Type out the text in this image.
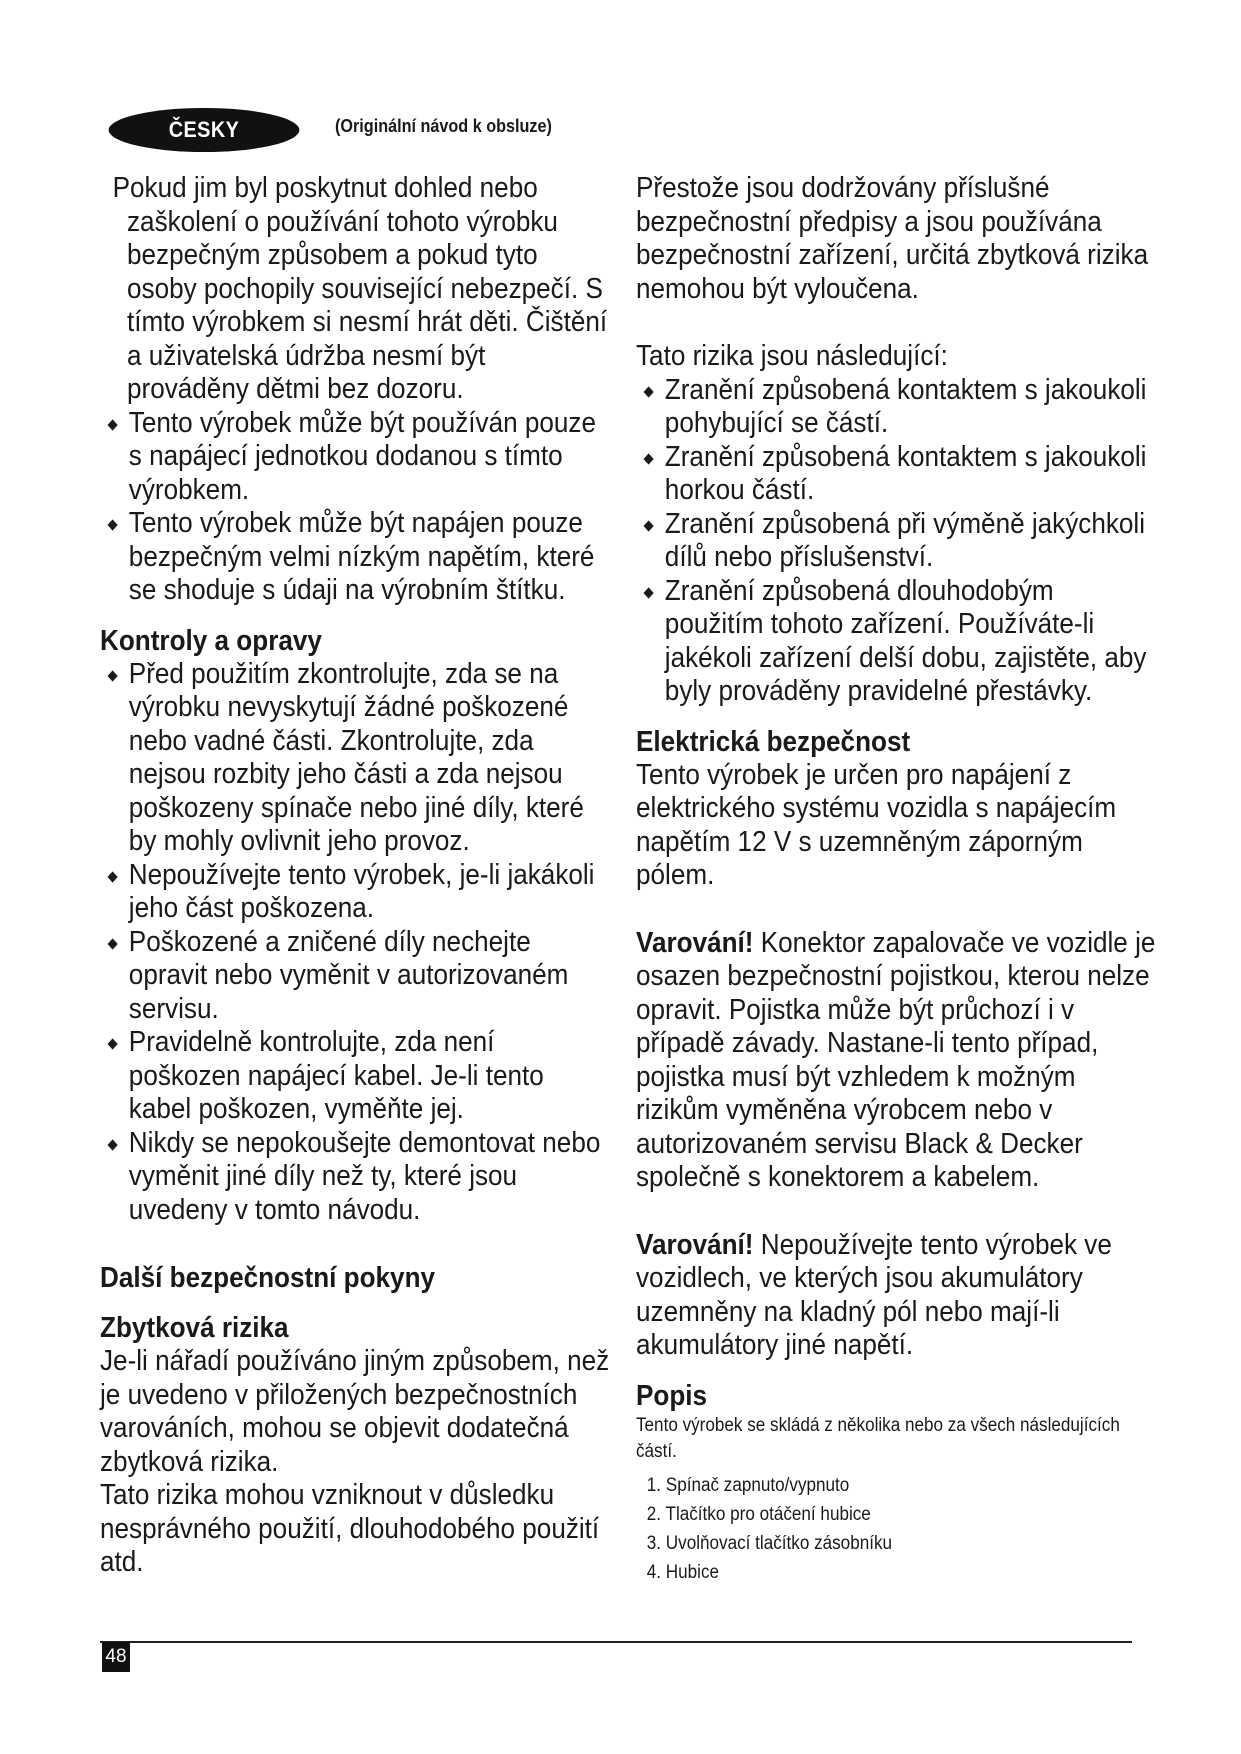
ČESKY	(Originální návod k obsluze)

Pokud jim byl poskytnut dohled nebo zaškolení o používání tohoto výrobku bezpečným způsobem a pokud tyto osoby pochopily související nebezpečí. S tímto výrobkem si nesmí hrát děti. Čištění a uživatelská údržba nesmí být prováděny dětmi bez dozoru.

Tento výrobek může být používán pouze s napájecí jednotkou dodanou s tímto výrobkem.
Tento výrobek může být napájen pouze bezpečným velmi nízkým napětím, které se shoduje s údaji na výrobním štítku.
Kontroly a opravy
Před použitím zkontrolujte, zda se na výrobku nevyskytují žádné poškozené nebo vadné části. Zkontrolujte, zda nejsou rozbity jeho části a zda nejsou poškozeny spínače nebo jiné díly, které by mohly ovlivnit jeho provoz.
Nepoužívejte tento výrobek, je-li jakákoli jeho část poškozena.
Poškozené a zničené díly nechejte opravit nebo vyměnit v autorizovaném servisu.
Pravidelně kontrolujte, zda není poškozen napájecí kabel. Je-li tento kabel poškozen, vyměňte jej.
Nikdy se nepokoušejte demontovat nebo vyměnit jiné díly než ty, které jsou uvedeny v tomto návodu.
Další bezpečnostní pokyny
Zbytková rizika

Je-li nářadí používáno jiným způsobem, než je uvedeno v přiložených bezpečnostních varováních, mohou se objevit dodatečná zbytková rizika.

Tato rizika mohou vzniknout v důsledku nesprávného použití, dlouhodobého použití atd.

Přestože jsou dodržovány příslušné bezpečnostní předpisy a jsou používána bezpečnostní zařízení, určitá zbytková rizika nemohou být vyloučena.

Tato rizika jsou následující:

Zranění způsobená kontaktem s jakoukoli pohybující se částí.
Zranění způsobená kontaktem s jakoukoli horkou částí.
Zranění způsobená při výměně jakýchkoli dílů nebo příslušenství.
Zranění způsobená dlouhodobým použitím tohoto zařízení. Používáte-li jakékoli zařízení delší dobu, zajistěte, aby byly prováděny pravidelné přestávky.
Elektrická bezpečnost

Tento výrobek je určen pro napájení z elektrického systému vozidla s napájecím napětím 12 V s uzemněným záporným pólem.

Varování! Konektor zapalovače ve vozidle je osazen bezpečnostní pojistkou, kterou nelze opravit. Pojistka může být průchozí i v případě závady. Nastane-li tento případ, pojistka musí být vzhledem k možným rizikům vyměněna výrobcem nebo v autorizovaném servisu Black & Decker společně s konektorem a kabelem.

Varování! Nepoužívejte tento výrobek ve vozidlech, ve kterých jsou akumulátory uzemněny na kladný pól nebo mají-li akumulátory jiné napětí.

Popis

Tento výrobek se skládá z několika nebo za všech následujících částí.

1. Spínač zapnuto/vypnuto
2. Tlačítko pro otáčení hubice
3. Uvolňovací tlačítko zásobníku
4. Hubice
48
